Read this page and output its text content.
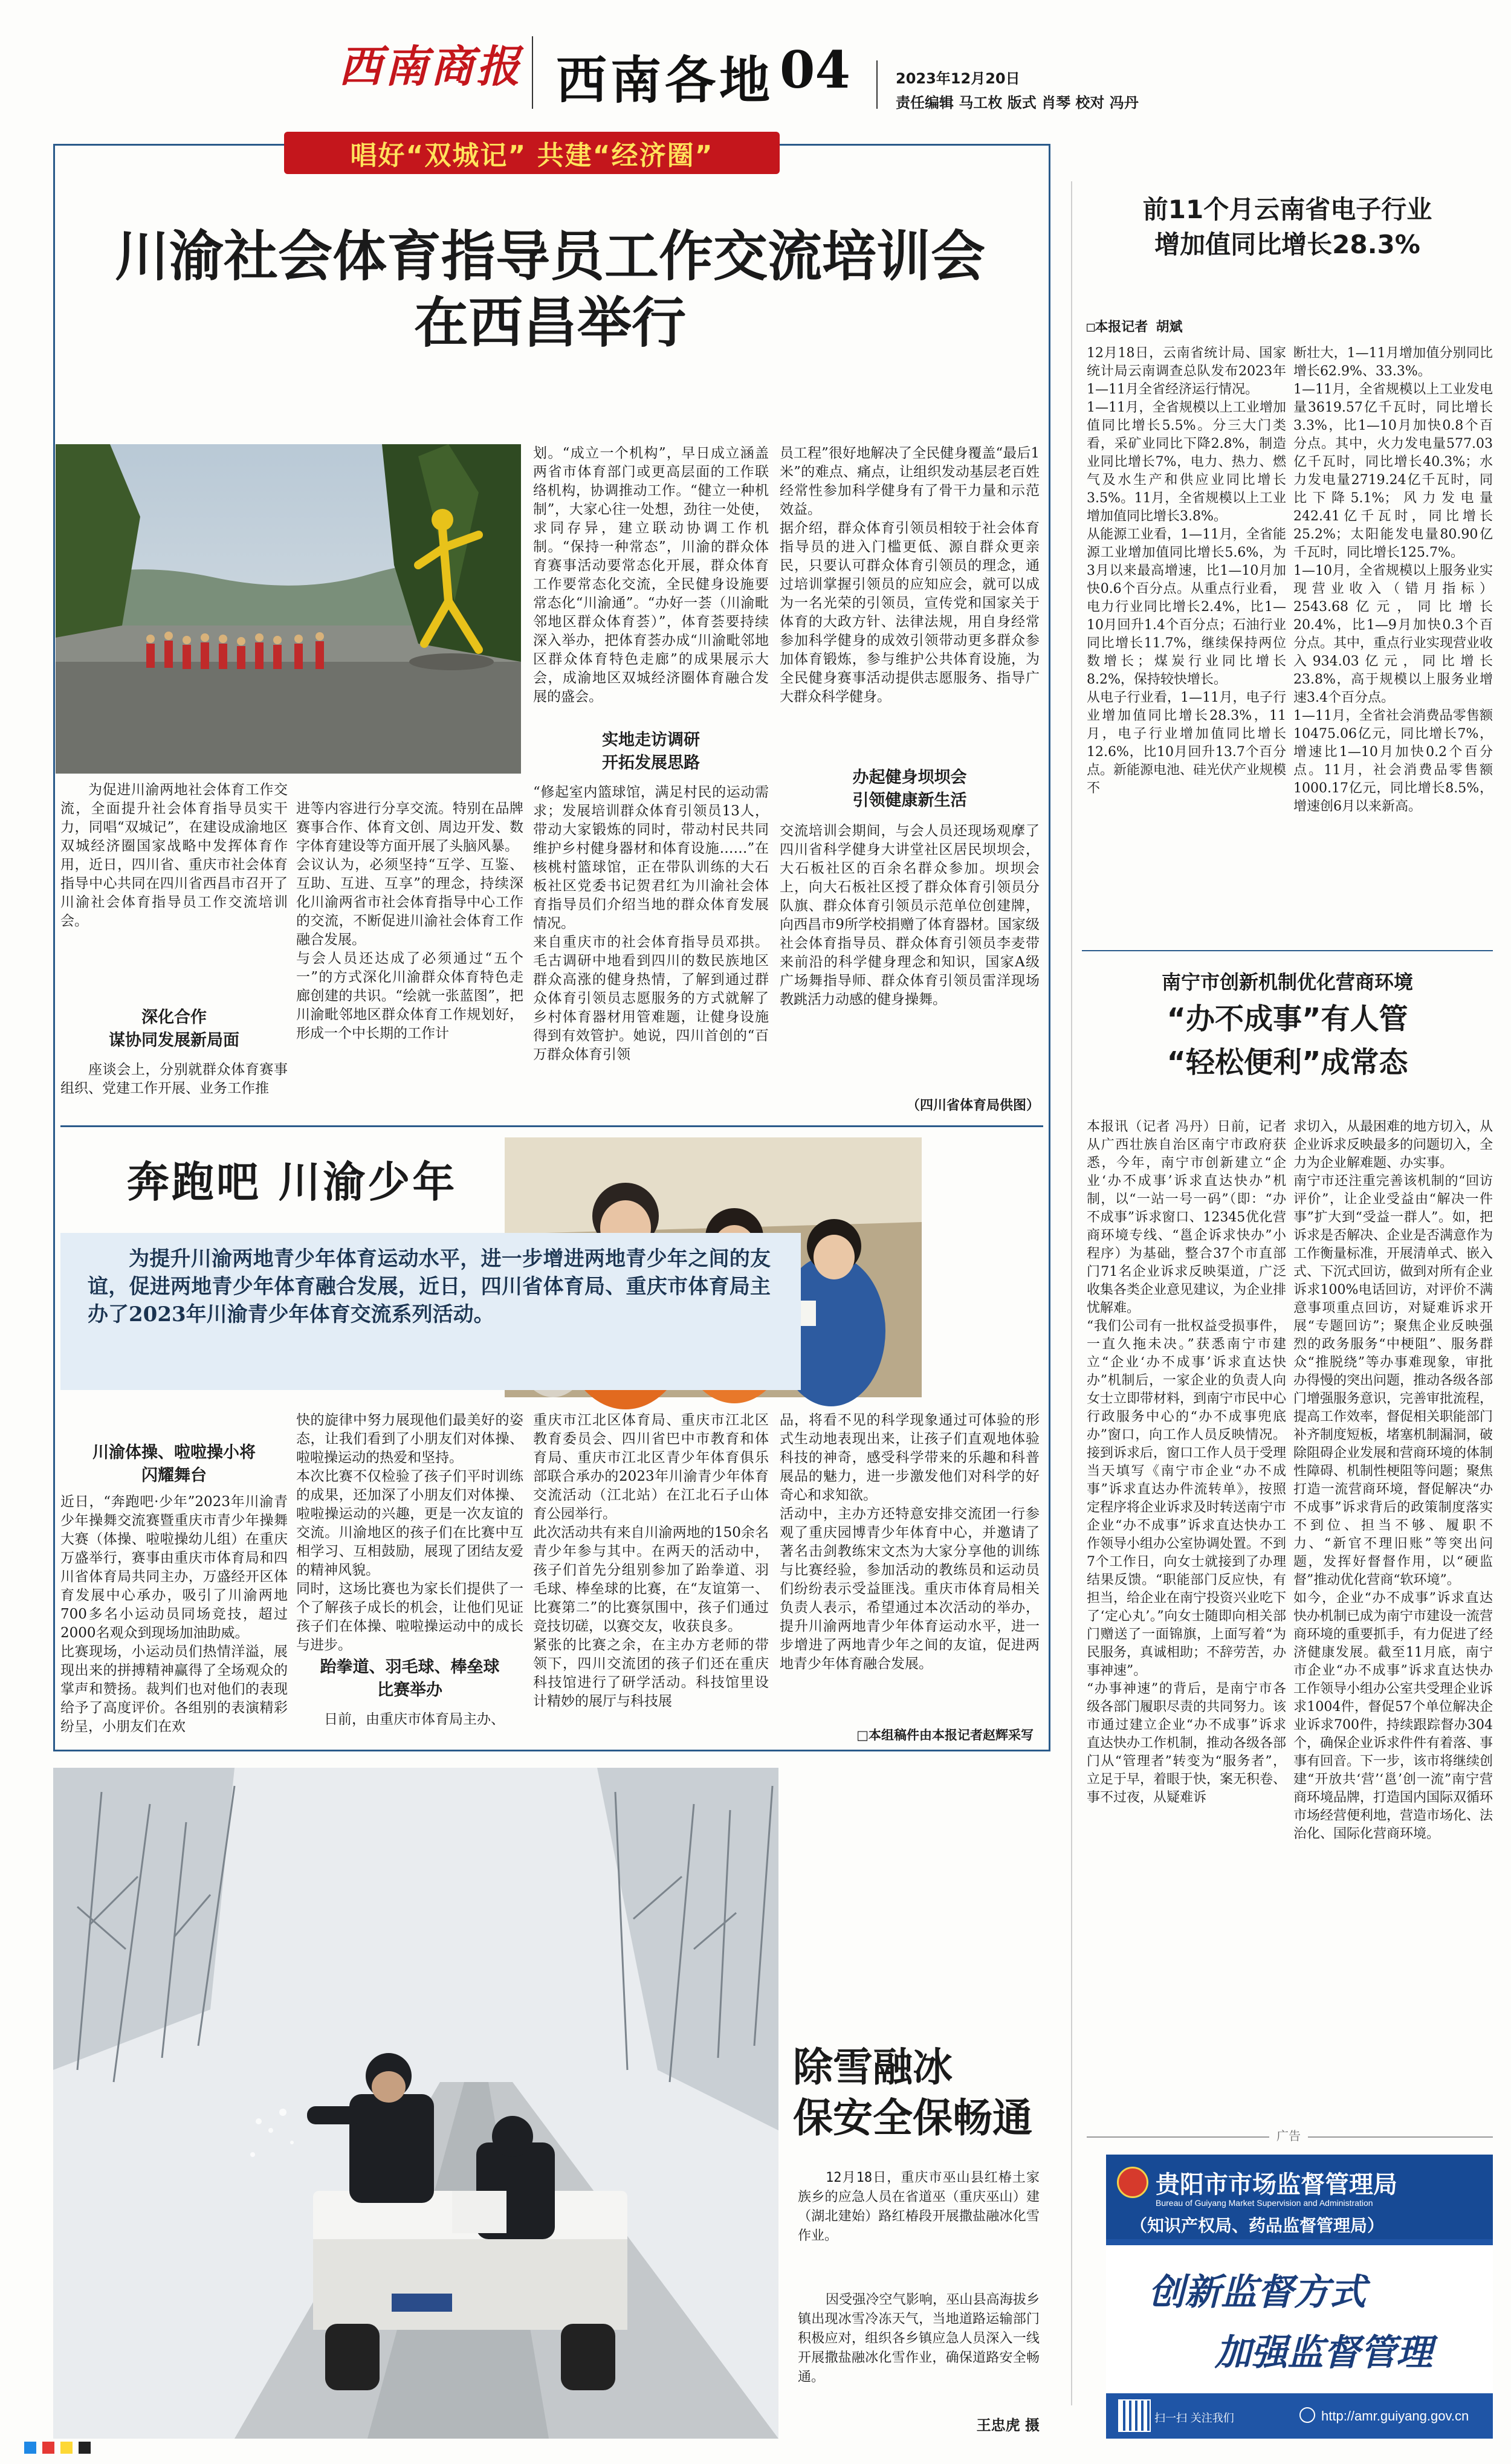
西南商报 西南各地 04	2023年12月20日
责任编辑 马工枚 版式 肖琴 校对 冯丹
唱好“双城记” 共建“经济圈”
川渝社会体育指导员工作交流培训会
在西昌举行

为促进川渝两地社会体育工作交流，全面提升社会体育指导员实干力，同唱“双城记”，在建设成渝地区双城经济圈国家战略中发挥体育作用，近日，四川省、重庆市社会体育指导中心共同在四川省西昌市召开了川渝社会体育指导员工作交流培训会。

深化合作
谋协同发展新局面

座谈会上，分别就群众体育赛事组织、党建工作开展、业务工作推

进等内容进行分享交流。特别在品牌赛事合作、体育文创、周边开发、数字体育建设等方面开展了头脑风暴。
会议认为，必须坚持“互学、互鉴、互助、互进、互享”的理念，持续深化川渝两省市社会体育指导中心工作的交流，不断促进川渝社会体育工作融合发展。
与会人员还达成了必须通过“五个一”的方式深化川渝群众体育特色走廊创建的共识。“绘就一张蓝图”，把川渝毗邻地区群众体育工作规划好，形成一个中长期的工作计

划。“成立一个机构”，早日成立涵盖两省市体育部门或更高层面的工作联络机构，协调推动工作。“健立一种机制”，大家心往一处想，劲往一处使，求同存异，建立联动协调工作机制。“保持一种常态”，川渝的群众体育赛事活动要常态化开展，群众体育工作要常态化交流，全民健身设施要常态化“川渝通”。“办好一荟（川渝毗邻地区群众体育荟）”，体育荟要持续深入举办，把体育荟办成“川渝毗邻地区群众体育特色走廊”的成果展示大会，成渝地区双城经济圈体育融合发展的盛会。
实地走访调研
开拓发展思路
“修起室内篮球馆，满足村民的运动需求；发展培训群众体育引领员13人，带动大家锻炼的同时，带动村民共同维护乡村健身器材和体育设施……”在核桃村篮球馆，正在带队训练的大石板社区党委书记贺君红为川渝社会体育指导员们介绍当地的群众体育发展情况。
来自重庆市的社会体育指导员邓拱。毛古调研中地看到四川的数民族地区群众高涨的健身热情，了解到通过群众体育引领员志愿服务的方式就解了乡村体育器材用管难题，让健身设施得到有效管护。她说，四川首创的“百万群众体育引领
员工程”很好地解决了全民健身覆盖“最后1米”的难点、痛点，让组织发动基层老百姓经常性参加科学健身有了骨干力量和示范效益。
据介绍，群众体育引领员相较于社会体育指导员的进入门槛更低、源自群众更亲民，只要认可群众体育引领员的理念，通过培训掌握引领员的应知应会，就可以成为一名光荣的引领员，宣传党和国家关于体育的大政方针、法律法规，用自身经常参加科学健身的成效引领带动更多群众参加体育锻炼，参与维护公共体育设施，为全民健身赛事活动提供志愿服务、指导广大群众科学健身。
办起健身坝坝会
引领健康新生活
交流培训会期间，与会人员还现场观摩了四川省科学健身大讲堂社区居民坝坝会，大石板社区的百余名群众参加。坝坝会上，向大石板社区授了群众体育引领员分队旗、群众体育引领员示范单位创建牌，向西昌市9所学校捐赠了体育器材。国家级社会体育指导员、群众体育引领员李麦带来前沿的科学健身理念和知识，国家A级广场舞指导师、群众体育引领员雷洋现场教跳活力动感的健身操舞。
（四川省体育局供图）
奔跑吧 川渝少年
为提升川渝两地青少年体育运动水平，进一步增进两地青少年之间的友谊，促进两地青少年体育融合发展，近日，四川省体育局、重庆市体育局主办了2023年川渝青少年体育交流系列活动。
川渝体操、啦啦操小将
闪耀舞台
近日，“奔跑吧·少年”2023年川渝青少年操舞交流赛暨重庆市青少年操舞大赛（体操、啦啦操幼儿组）在重庆万盛举行，赛事由重庆市体育局和四川省体育局共同主办，万盛经开区体育发展中心承办，吸引了川渝两地700多名小运动员同场竞技，超过2000名观众到现场加油助威。
比赛现场，小运动员们热情洋溢，展现出来的拼搏精神赢得了全场观众的掌声和赞扬。裁判们也对他们的表现给予了高度评价。各组别的表演精彩纷呈，小朋友们在欢
快的旋律中努力展现他们最美好的姿态，让我们看到了小朋友们对体操、啦啦操运动的热爱和坚持。
本次比赛不仅检验了孩子们平时训练的成果，还加深了小朋友们对体操、啦啦操运动的兴趣，更是一次友谊的交流。川渝地区的孩子们在比赛中互相学习、互相鼓励，展现了团结友爱的精神风貌。
同时，这场比赛也为家长们提供了一个了解孩子成长的机会，让他们见证孩子们在体操、啦啦操运动中的成长与进步。
跆拳道、羽毛球、棒垒球
比赛举办

日前，由重庆市体育局主办、

重庆市江北区体育局、重庆市江北区教育委员会、四川省巴中市教育和体育局、重庆市江北区青少年体育俱乐部联合承办的2023年川渝青少年体育交流活动（江北站）在江北石子山体育公园举行。
此次活动共有来自川渝两地的150余名青少年参与其中。在两天的活动中，孩子们首先分组别参加了跆拳道、羽毛球、棒垒球的比赛，在“友谊第一、比赛第二”的比赛氛围中，孩子们通过竞技切磋，以赛交友，收获良多。
紧张的比赛之余，在主办方老师的带领下，四川交流团的孩子们还在重庆科技馆进行了研学活动。科技馆里设计精妙的展厅与科技展
品，将看不见的科学现象通过可体验的形式生动地表现出来，让孩子们直观地体验科技的神奇，感受科学带来的乐趣和科普展品的魅力，进一步激发他们对科学的好奇心和求知欲。
活动中，主办方还特意安排交流团一行参观了重庆园博青少年体育中心，并邀请了著名击剑教练宋文杰为大家分享他的训练与比赛经验，参加活动的教练员和运动员们纷纷表示受益匪浅。重庆市体育局相关负责人表示，希望通过本次活动的举办，提升川渝两地青少年体育运动水平，进一步增进了两地青少年之间的友谊，促进两地青少年体育融合发展。
□本组稿件由本报记者赵辉采写
除雪融冰
保安全保畅通

12月18日，重庆市巫山县红椿土家族乡的应急人员在省道巫（重庆巫山）建（湖北建始）路红椿段开展撒盐融冰化雪作业。

因受强冷空气影响，巫山县高海拔乡镇出现冰雪冷冻天气，当地道路运输部门积极应对，组织各乡镇应急人员深入一线开展撒盐融冰化雪作业，确保道路安全畅通。

王忠虎 摄
前11个月云南省电子行业
增加值同比增长28.3%
□本报记者 胡斌
12月18日，云南省统计局、国家统计局云南调查总队发布2023年1—11月全省经济运行情况。
1—11月，全省规模以上工业增加值同比增长5.5%。分三大门类看，采矿业同比下降2.8%，制造业同比增长7%，电力、热力、燃气及水生产和供应业同比增长3.5%。11月，全省规模以上工业增加值同比增长3.8%。
从能源工业看，1—11月，全省能源工业增加值同比增长5.6%，为3月以来最高增速，比1—10月加快0.6个百分点。从重点行业看，电力行业同比增长2.4%，比1—10月回升1.4个百分点；石油行业同比增长11.7%，继续保持两位数增长；煤炭行业同比增长8.2%，保持较快增长。
从电子行业看，1—11月，电子行业增加值同比增长28.3%，11月，电子行业增加值同比增长12.6%，比10月回升13.7个百分点。新能源电池、硅光伏产业规模不
断壮大，1—11月增加值分别同比增长62.9%、33.3%。
1—11月，全省规模以上工业发电量3619.57亿千瓦时，同比增长3.3%，比1—10月加快0.8个百分点。其中，火力发电量577.03亿千瓦时，同比增长40.3%；水力发电量2719.24亿千瓦时，同比下降5.1%；风力发电量242.41亿千瓦时，同比增长25.2%；太阳能发电量80.90亿千瓦时，同比增长125.7%。
1—10月，全省规模以上服务业实现营业收入（错月指标）2543.68亿元，同比增长20.4%，比1—9月加快0.3个百分点。其中，重点行业实现营业收入934.03亿元，同比增长23.8%，高于规模以上服务业增速3.4个百分点。
1—11月，全省社会消费品零售额10475.06亿元，同比增长7%，增速比1—10月加快0.2个百分点。11月，社会消费品零售额1000.17亿元，同比增长8.5%，增速创6月以来新高。
南宁市创新机制优化营商环境
“办不成事”有人管
“轻松便利”成常态
本报讯（记者 冯丹）日前，记者从广西壮族自治区南宁市政府获悉，今年，南宁市创新建立“企业‘办不成事’诉求直达快办”机制，以“一站一号一码”（即：“办不成事”诉求窗口、12345优化营商环境专线、“邕企诉求快办”小程序）为基础，整合37个市直部门71名企业诉求反映渠道，广泛收集各类企业意见建议，为企业排忧解难。
“我们公司有一批权益受损事件，一直久拖未决。”获悉南宁市建立“企业‘办不成事’诉求直达快办”机制后，一家企业的负责人向女士立即带材料，到南宁市民中心行政服务中心的“办不成事兜底办”窗口，向工作人员反映情况。接到诉求后，窗口工作人员于受理当天填写《南宁市企业“办不成事”诉求直达办件流转单》，按照定程序将企业诉求及时转送南宁市企业“办不成事”诉求直达快办工作领导小组办公室协调处置。不到7个工作日，向女士就接到了办理结果反馈。“职能部门反应快，有担当，给企业在南宁投资兴业吃下了‘定心丸’。”向女士随即向相关部门赠送了一面锦旗，上面写着“为民服务，真诚相助；不辞劳苦，办事神速”。
“办事神速”的背后，是南宁市各级各部门履职尽责的共同努力。该市通过建立企业“办不成事”诉求直达快办工作机制，推动各级各部门从“管理者”转变为“服务者”，立足于早，着眼于快，案无积卷、事不过夜，从疑难诉
求切入，从最困难的地方切入，从企业诉求反映最多的问题切入，全力为企业解难题、办实事。
南宁市还注重完善该机制的“回访评价”，让企业受益由“解决一件事”扩大到“受益一群人”。如，把诉求是否解决、企业是否满意作为工作衡量标准，开展清单式、嵌入式、下沉式回访，做到对所有企业诉求100%电话回访，对评价不满意事项重点回访，对疑难诉求开展“专题回访”；聚焦企业反映强烈的政务服务“中梗阻”、服务群众“推脱绕”等办事难现象，审批办得慢的突出问题，推动各级各部门增强服务意识，完善审批流程，提高工作效率，督促相关职能部门补齐制度短板，堵塞机制漏洞，破除阻碍企业发展和营商环境的体制性障碍、机制性梗阻等问题；聚焦打造一流营商环境，督促解决“办不成事”诉求背后的政策制度落实不到位、担当不够、履职不力、“新官不理旧账”等突出问题，发挥好督督作用，以“硬监督”推动优化营商“软环境”。
如今，企业“办不成事”诉求直达快办机制已成为南宁市建设一流营商环境的重要抓手，有力促进了经济健康发展。截至11月底，南宁市企业“办不成事”诉求直达快办工作领导小组办公室共受理企业诉求1004件，督促57个单位解决企业诉求700件，持续跟踪督办304个，确保企业诉求件件有着落、事事有回音。下一步，该市将继续创建“开放共‘营’‘邕’创一流”南宁营商环境品牌，打造国内国际双循环市场经营便利地，营造市场化、法治化、国际化营商环境。
广告
贵阳市市场监督管理局
Bureau of Guiyang Market Supervision and Administration
（知识产权局、药品监督管理局）
创新监督方式
加强监督管理
扫一扫 关注我们	http://amr.guiyang.gov.cn
